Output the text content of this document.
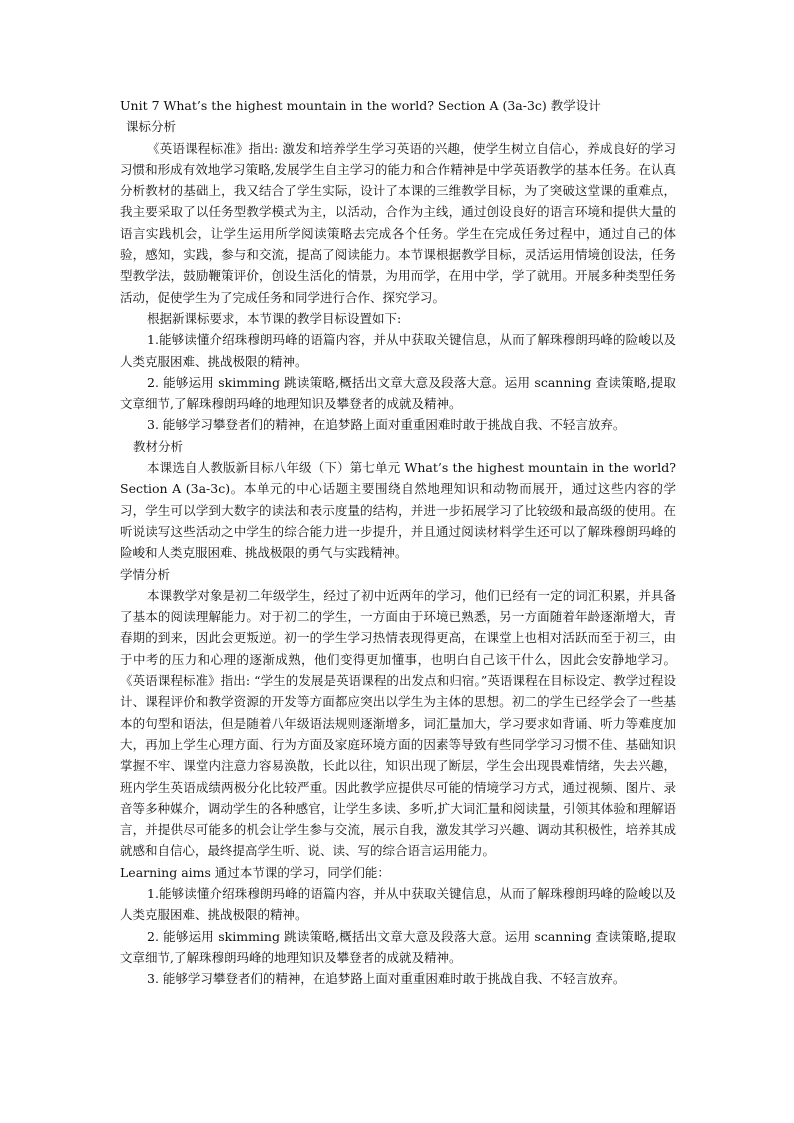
Unit 7 What’s the highest mountain in the world? Section A (3a-3c) 教学设计

课标分析

《英语课程标准》指出: 激发和培养学生学习英语的兴趣，使学生树立自信心，养成良好的学习习惯和形成有效地学习策略,发展学生自主学习的能力和合作精神是中学英语教学的基本任务。在认真分析教材的基础上，我又结合了学生实际，设计了本课的三维教学目标，为了突破这堂课的重难点，我主要采取了以任务型教学模式为主，以活动，合作为主线，通过创设良好的语言环境和提供大量的语言实践机会，让学生运用所学阅读策略去完成各个任务。学生在完成任务过程中，通过自己的体验，感知，实践，参与和交流，提高了阅读能力。本节课根据教学目标，灵活运用情境创设法，任务型教学法，鼓励鞭策评价，创设生活化的情景，为用而学，在用中学，学了就用。开展多种类型任务活动，促使学生为了完成任务和同学进行合作、探究学习。

根据新课标要求，本节课的教学目标设置如下:

1.能够读懂介绍珠穆朗玛峰的语篇内容，并从中获取关键信息，从而了解珠穆朗玛峰的险峻以及人类克服困难、挑战极限的精神。

2. 能够运用 skimming 跳读策略,概括出文章大意及段落大意。运用 scanning 查读策略,提取文章细节,了解珠穆朗玛峰的地理知识及攀登者的成就及精神。

3. 能够学习攀登者们的精神，在追梦路上面对重重困难时敢于挑战自我、不轻言放弃。

教材分析

本课选自人教版新目标八年级（下）第七单元 What’s the highest mountain in the world? Section A (3a-3c)。本单元的中心话题主要围绕自然地理知识和动物而展开，通过这些内容的学习，学生可以学到大数字的读法和表示度量的结构，并进一步拓展学习了比较级和最高级的使用。在听说读写这些活动之中学生的综合能力进一步提升，并且通过阅读材料学生还可以了解珠穆朗玛峰的险峻和人类克服困难、挑战极限的勇气与实践精神。

学情分析

本课教学对象是初二年级学生，经过了初中近两年的学习，他们已经有一定的词汇积累，并具备了基本的阅读理解能力。对于初二的学生，一方面由于环境已熟悉，另一方面随着年龄逐渐增大，青春期的到来，因此会更叛逆。初一的学生学习热情表现得更高，在课堂上也相对活跃而至于初三，由于中考的压力和心理的逐渐成熟，他们变得更加懂事，也明白自己该干什么，因此会安静地学习。《英语课程标准》指出: “学生的发展是英语课程的出发点和归宿。”英语课程在目标设定、教学过程设计、课程评价和教学资源的开发等方面都应突出以学生为主体的思想。初二的学生已经学会了一些基本的句型和语法，但是随着八年级语法规则逐渐增多，词汇量加大，学习要求如背诵、听力等难度加大，再加上学生心理方面、行为方面及家庭环境方面的因素等导致有些同学学习习惯不佳、基础知识掌握不牢、课堂内注意力容易涣散，长此以往，知识出现了断层，学生会出现畏难情绪，失去兴趣，班内学生英语成绩两极分化比较严重。因此教学应提供尽可能的情境学习方式，通过视频、图片、录音等多种媒介，调动学生的各种感官，让学生多读、多听,扩大词汇量和阅读量，引领其体验和理解语言，并提供尽可能多的机会让学生参与交流，展示自我，激发其学习兴趣、调动其积极性，培养其成就感和自信心，最终提高学生听、说、读、写的综合语言运用能力。

Learning aims 通过本节课的学习，同学们能：

1.能够读懂介绍珠穆朗玛峰的语篇内容，并从中获取关键信息，从而了解珠穆朗玛峰的险峻以及人类克服困难、挑战极限的精神。

2. 能够运用 skimming 跳读策略,概括出文章大意及段落大意。运用 scanning 查读策略,提取文章细节,了解珠穆朗玛峰的地理知识及攀登者的成就及精神。

3. 能够学习攀登者们的精神，在追梦路上面对重重困难时敢于挑战自我、不轻言放弃。
